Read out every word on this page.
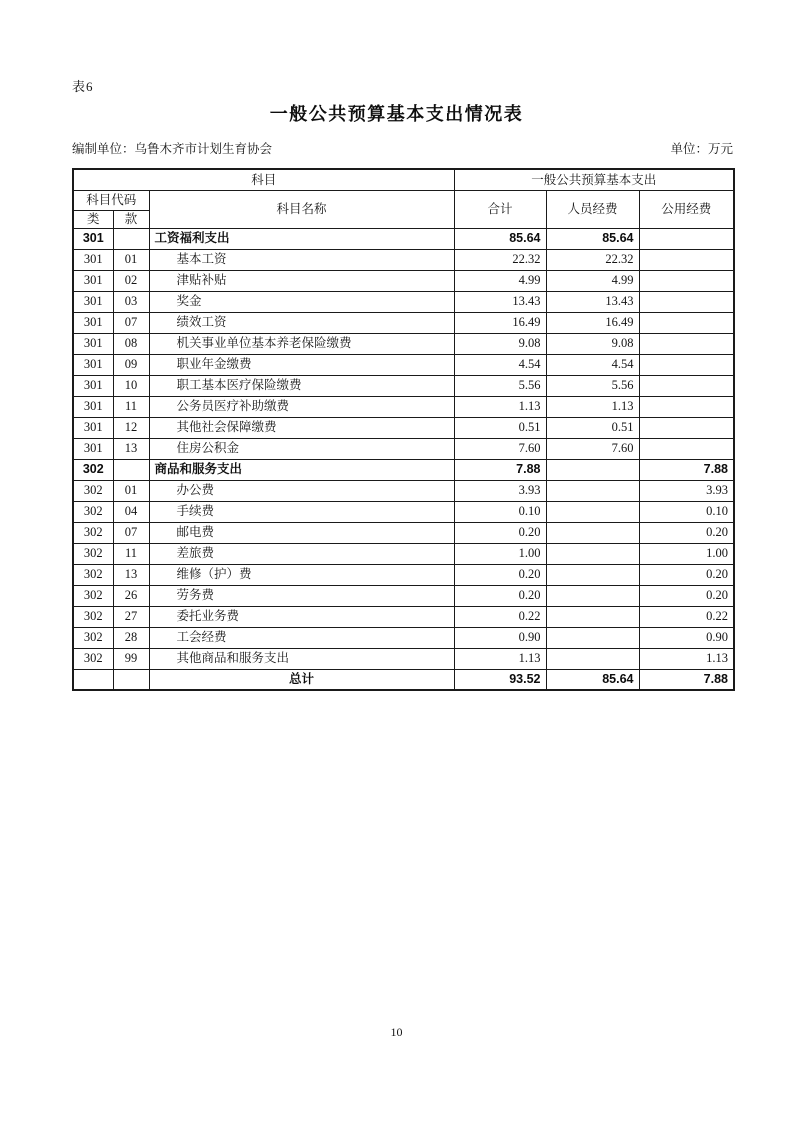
表6
一般公共预算基本支出情况表
编制单位：乌鲁木齐市计划生育协会	单位：万元
科目			一般公共预算基本支出		
科目代码		科目名称	合计	人员经费	公用经费
类	款				
301		工资福利支出	85.64	85.64	
301	01	基本工资	22.32	22.32	
301	02	津贴补贴	4.99	4.99	
301	03	奖金	13.43	13.43	
301	07	绩效工资	16.49	16.49	
301	08	机关事业单位基本养老保险缴费	9.08	9.08	
301	09	职业年金缴费	4.54	4.54	
301	10	职工基本医疗保险缴费	5.56	5.56	
301	11	公务员医疗补助缴费	1.13	1.13	
301	12	其他社会保障缴费	0.51	0.51	
301	13	住房公积金	7.60	7.60	
302		商品和服务支出	7.88		7.88
302	01	办公费	3.93		3.93
302	04	手续费	0.10		0.10
302	07	邮电费	0.20		0.20
302	11	差旅费	1.00		1.00
302	13	维修（护）费	0.20		0.20
302	26	劳务费	0.20		0.20
302	27	委托业务费	0.22		0.22
302	28	工会经费	0.90		0.90
302	99	其他商品和服务支出	1.13		1.13
		总计	93.52	85.64	7.88
10
